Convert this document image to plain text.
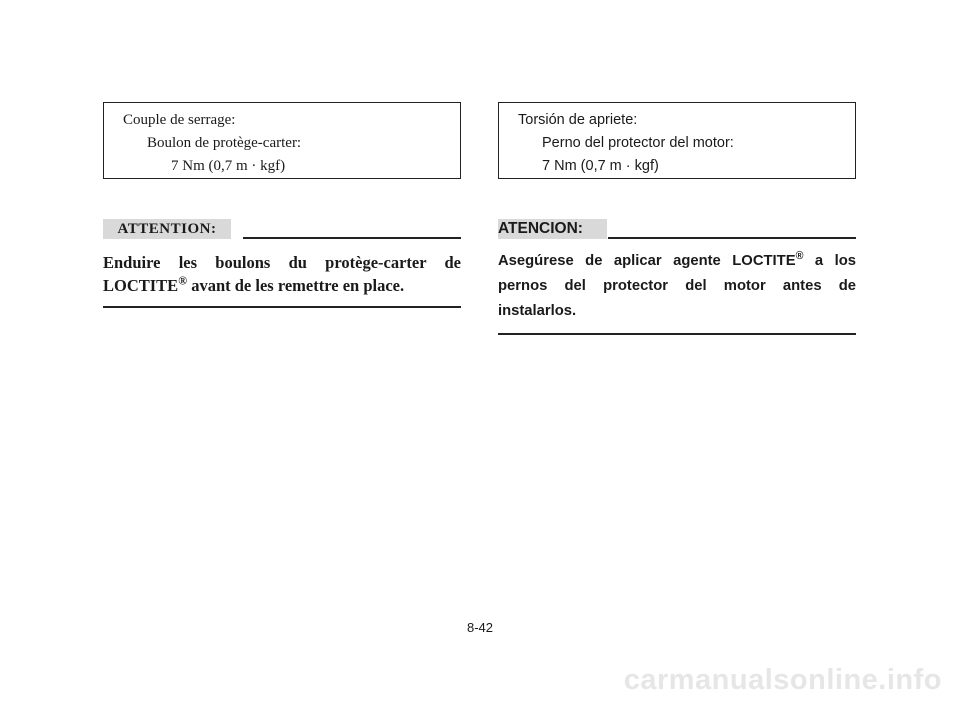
Couple de serrage:
Boulon de protège-carter:
7 Nm (0,7 m · kgf)
ATTENTION:
Enduire les boulons du protège-carter de LOCTITE® avant de les remettre en place.
Torsión de apriete:
Perno del protector del motor:
7 Nm (0,7 m · kgf)
ATENCION:
Asegúrese de aplicar agente LOCTITE® a los pernos del protector del motor antes de instalarlos.
8-42
carmanualsonline.info
